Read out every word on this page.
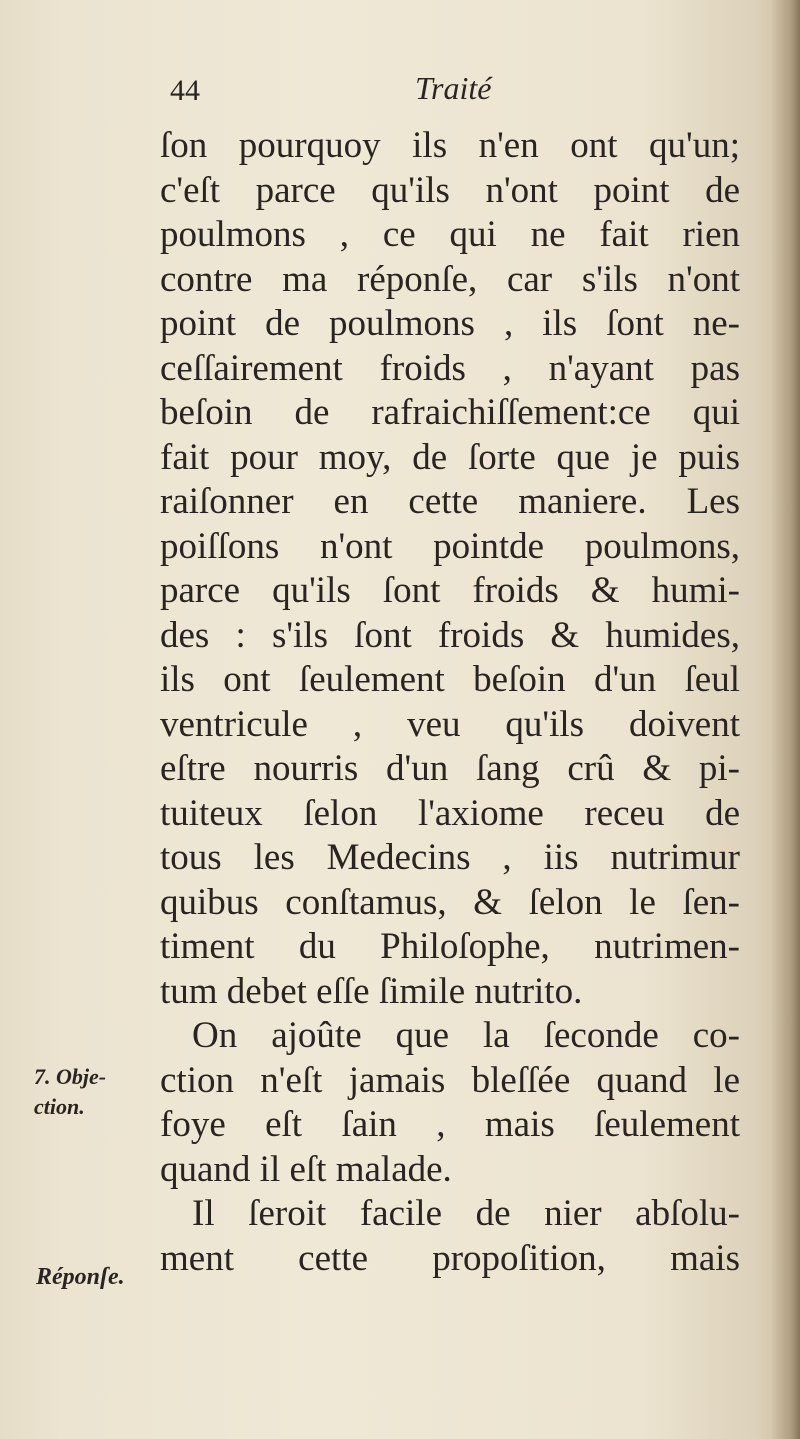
44	Traité
ſon pourquoy ils n'en ont qu'un;
c'eſt parce qu'ils n'ont point de
poulmons , ce qui ne fait rien
contre ma réponſe, car s'ils n'ont
point de poulmons , ils ſont ne-
ceſſairement froids , n'ayant pas
beſoin de rafraichiſſement:ce qui
fait pour moy, de ſorte que je puis
raiſonner en cette maniere. Les
poiſſons n'ont pointde poulmons,
parce qu'ils ſont froids & humi-
des : s'ils ſont froids & humides,
ils ont ſeulement beſoin d'un ſeul
ventricule , veu qu'ils doivent
eſtre nourris d'un ſang crû & pi-
tuiteux ſelon l'axiome receu de
tous les Medecins , iis nutrimur
quibus conſtamus, & ſelon le ſen-
timent du Philoſophe, nutrimen-
tum debet eſſe ſimile nutrito.
On ajoûte que la ſeconde co-
ction n'eſt jamais bleſſée quand le
foye eſt ſain , mais ſeulement
quand il eſt malade.
Il ſeroit facile de nier abſolu-
ment cette propoſition, mais
7. Obje-
ction.
Réponſe.
